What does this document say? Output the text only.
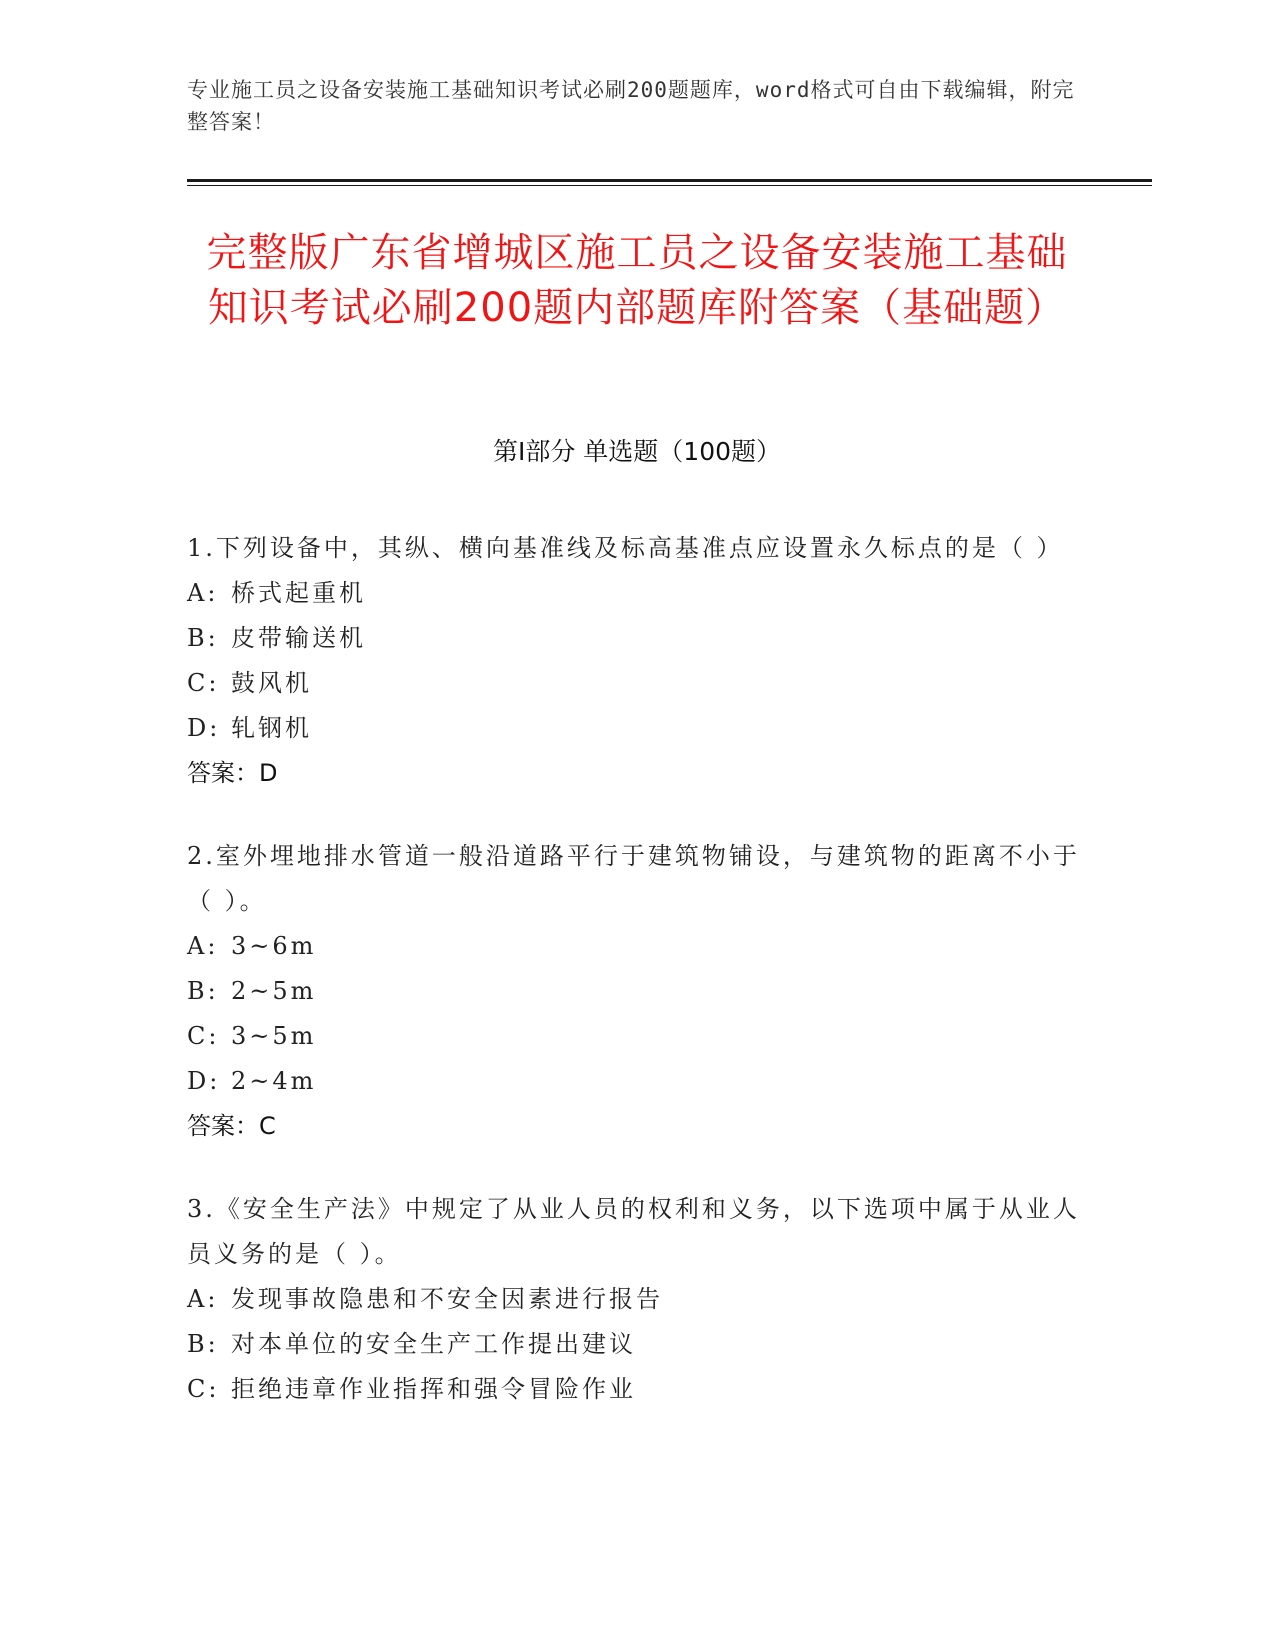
专业施工员之设备安装施工基础知识考试必刷200题题库，word格式可自由下载编辑，附完整答案！
完整版广东省增城区施工员之设备安装施工基础知识考试必刷200题内部题库附答案（基础题）
第I部分 单选题（100题）

1.下列设备中，其纵、横向基准线及标高基准点应设置永久标点的是（ ）

A: 桥式起重机
B: 皮带输送机
C: 鼓风机
D: 轧钢机
答案：D

2.室外埋地排水管道一般沿道路平行于建筑物铺设，与建筑物的距离不小于（ ）。

A: 3~6m
B: 2~5m
C: 3~5m
D: 2~4m
答案：C

3.《安全生产法》中规定了从业人员的权利和义务，以下选项中属于从业人员义务的是（ ）。

A: 发现事故隐患和不安全因素进行报告
B: 对本单位的安全生产工作提出建议
C: 拒绝违章作业指挥和强令冒险作业
